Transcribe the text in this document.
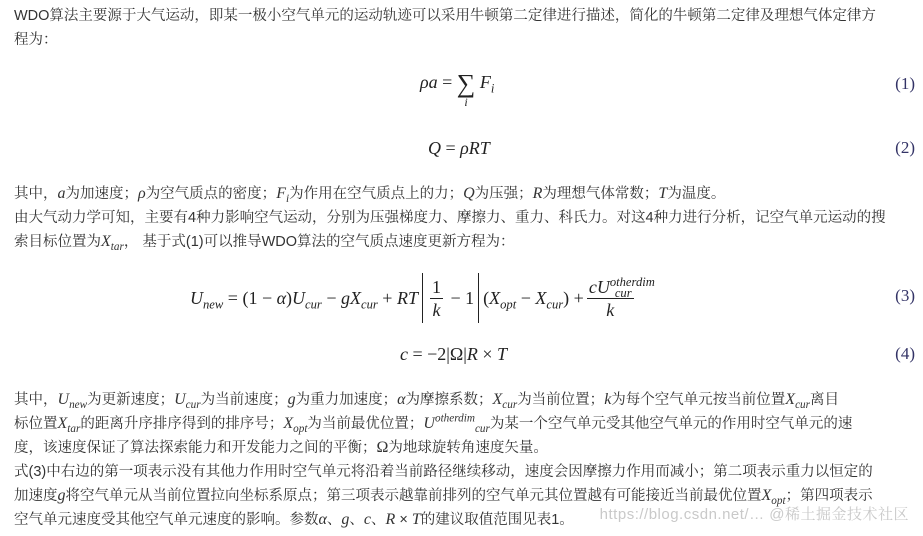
WDO算法主要源于大气运动，即某一极小空气单元的运动轨迹可以采用牛顿第二定律进行描述，简化的牛顿第二定律及理想气体定律方
程为：
ρa = ∑
i
$F_i$	(1)
Q = ρRT	(2)
其中，a为加速度；ρ为空气质点的密度；$F_i$为作用在空气质点上的力；Q为压强；R为理想气体常数；T为温度。
由大气动力学可知，主要有4种力影响空气运动，分别为压强梯度力、摩擦力、重力、科氏力。对这4种力进行分析，记空气单元运动的搜
索目标位置为$X_{tar}$， 基于式(1)可以推导WDO算法的空气质点速度更新方程为：
$U_{new} = (1 - \alpha)U_{cur} - gX_{cur}$ + RT $\frac{1}{k} - 1$ $(X_{opt} - X_{cur}) + \frac{cU^{otherdim}_{cur}}{k}$	(3)
c = −2|Ω|R × T	(4)
其中，$U_{new}$为更新速度；$U_{cur}$为当前速度；g为重力加速度；α为摩擦系数；$X_{cur}$为当前位置；k为每个空气单元按当前位置$X_{cur}$离目
标位置$X_{tar}$的距离升序排序得到的排序号；$X_{opt}$为当前最优位置；$U^{otherdim}_{cur}$为某一个空气单元受其他空气单元的作用时空气单元的速
度，该速度保证了算法探索能力和开发能力之间的平衡；Ω为地球旋转角速度矢量。
式(3)中右边的第一项表示没有其他力作用时空气单元将沿着当前路径继续移动，速度会因摩擦力作用而减小；第二项表示重力以恒定的
加速度g将空气单元从当前位置拉向坐标系原点；第三项表示越靠前排列的空气单元其位置越有可能接近当前最优位置$X_{opt}$；第四项表示
空气单元速度受其他空气单元速度的影响。参数α、g、c、R × T的建议取值范围见表1。	https://blog.csdn.net/… @稀土掘金技术社区
